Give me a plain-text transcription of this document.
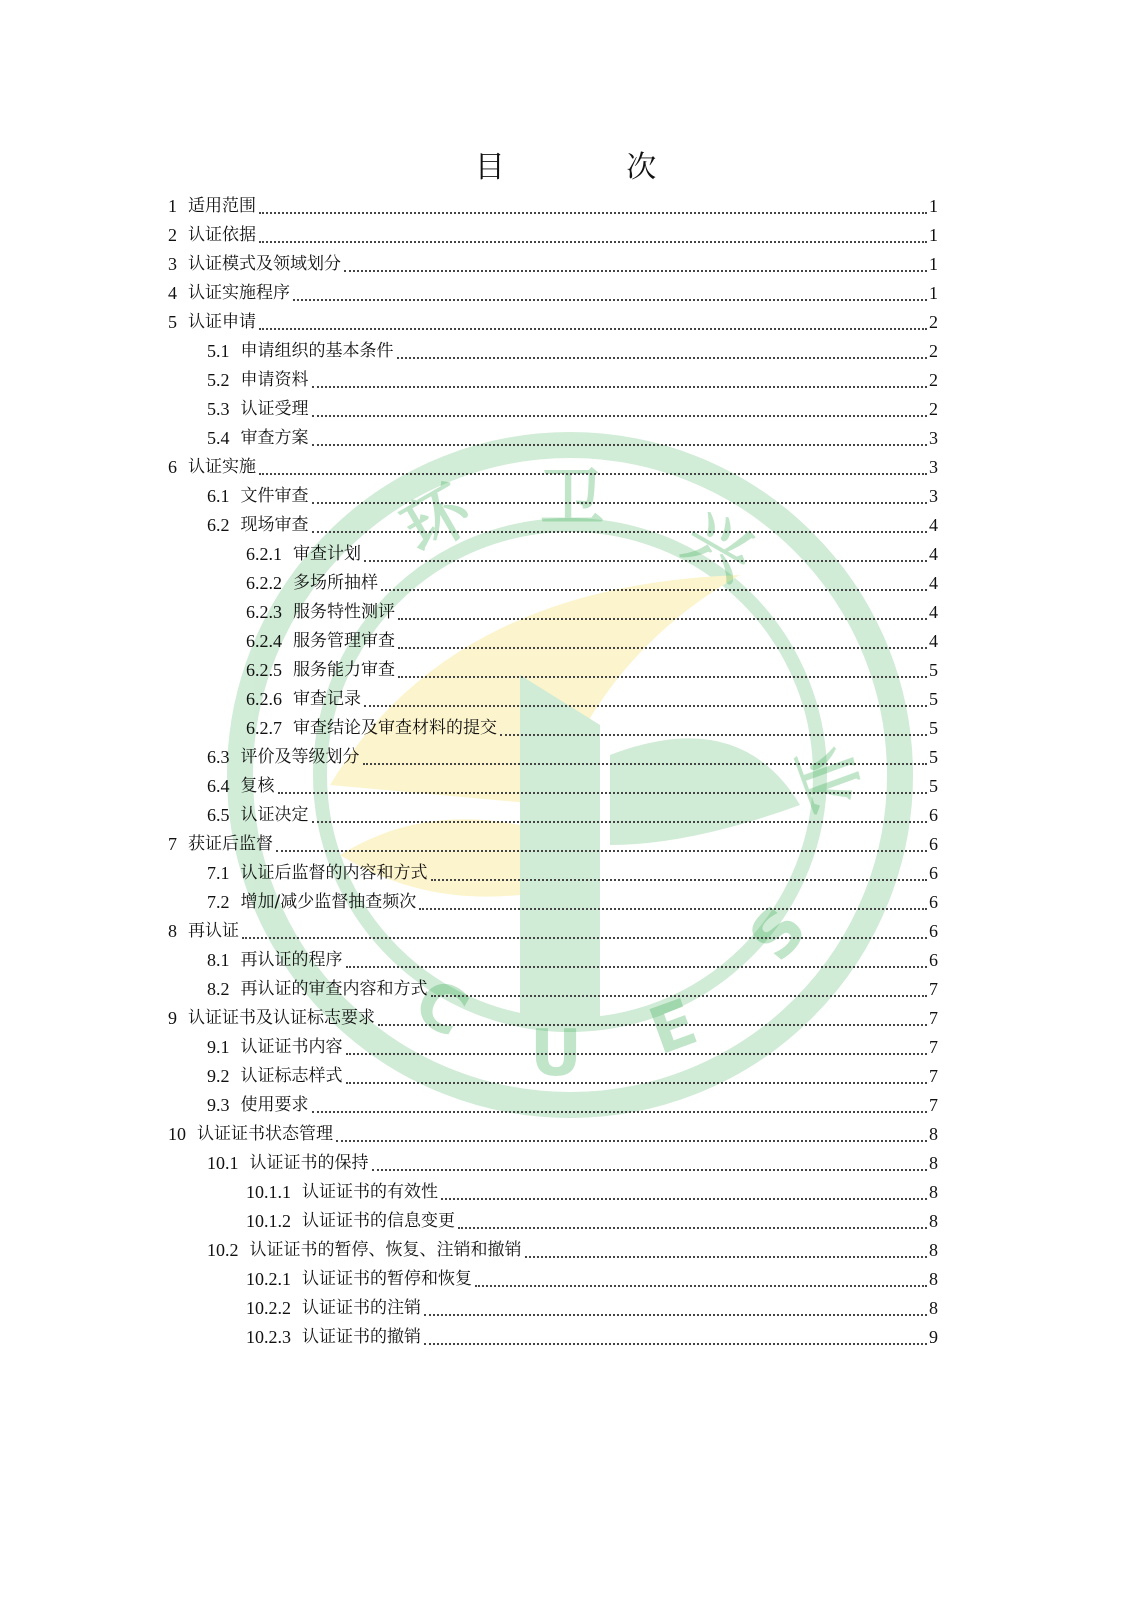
环 卫
兴
业
C
U E
S
目 次
1 适用范围	1
2 认证依据	1
3 认证模式及领域划分	1
4 认证实施程序	1
5 认证申请	2
5.1 申请组织的基本条件	2
5.2 申请资料	2
5.3 认证受理	2
5.4 审查方案	3
6 认证实施	3
6.1 文件审查	3
6.2 现场审查	4
6.2.1 审查计划	4
6.2.2 多场所抽样	4
6.2.3 服务特性测评	4
6.2.4 服务管理审查	4
6.2.5 服务能力审查	5
6.2.6 审查记录	5
6.2.7 审查结论及审查材料的提交	5
6.3 评价及等级划分	5
6.4 复核	5
6.5 认证决定	6
7 获证后监督	6
7.1 认证后监督的内容和方式	6
7.2 增加/减少监督抽查频次	6
8 再认证	6
8.1 再认证的程序	6
8.2 再认证的审查内容和方式	7
9 认证证书及认证标志要求	7
9.1 认证证书内容	7
9.2 认证标志样式	7
9.3 使用要求	7
10 认证证书状态管理	8
10.1 认证证书的保持	8
10.1.1 认证证书的有效性	8
10.1.2 认证证书的信息变更	8
10.2 认证证书的暂停、恢复、注销和撤销	8
10.2.1 认证证书的暂停和恢复	8
10.2.2 认证证书的注销	8
10.2.3 认证证书的撤销	9
